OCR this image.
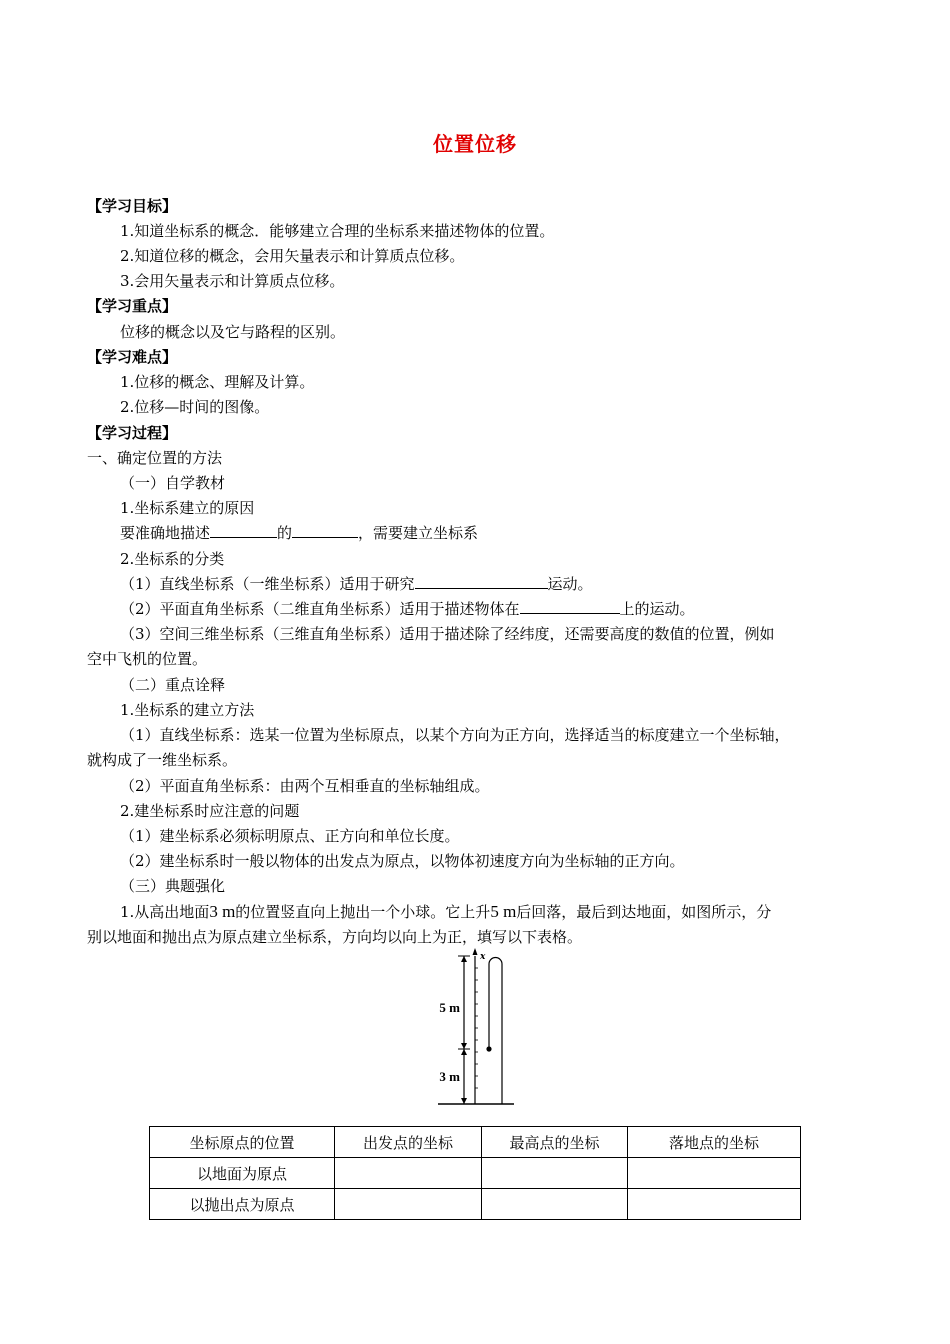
位置位移
【学习目标】
1.知道坐标系的概念．能够建立合理的坐标系来描述物体的位置。
2.知道位移的概念，会用矢量表示和计算质点位移。
3.会用矢量表示和计算质点位移。
【学习重点】
位移的概念以及它与路程的区别。
【学习难点】
1.位移的概念、理解及计算。
2.位移—时间的图像。
【学习过程】
一、确定位置的方法
（一）自学教材
1.坐标系建立的原因
要准确地描述	的	，需要建立坐标系
2.坐标系的分类
（1）直线坐标系（一维坐标系）适用于研究	运动。
（2）平面直角坐标系（二维直角坐标系）适用于描述物体在	上的运动。
（3）空间三维坐标系（三维直角坐标系）适用于描述除了经纬度，还需要高度的数值的位置，例如
空中飞机的位置。
（二）重点诠释
1.坐标系的建立方法
（1）直线坐标系：选某一位置为坐标原点，以某个方向为正方向，选择适当的标度建立一个坐标轴，
就构成了一维坐标系。
（2）平面直角坐标系：由两个互相垂直的坐标轴组成。
2.建坐标系时应注意的问题
（1）建坐标系必须标明原点、正方向和单位长度。
（2）建坐标系时一般以物体的出发点为原点，以物体初速度方向为坐标轴的正方向。
（三）典题强化
1.从高出地面3 m的位置竖直向上抛出一个小球。它上升5 m后回落，最后到达地面，如图所示，分
别以地面和抛出点为原点建立坐标系，方向均以向上为正，填写以下表格。
x
5 m
3 m
坐标原点的位置	出发点的坐标	最高点的坐标	落地点的坐标
以地面为原点			
以抛出点为原点			
